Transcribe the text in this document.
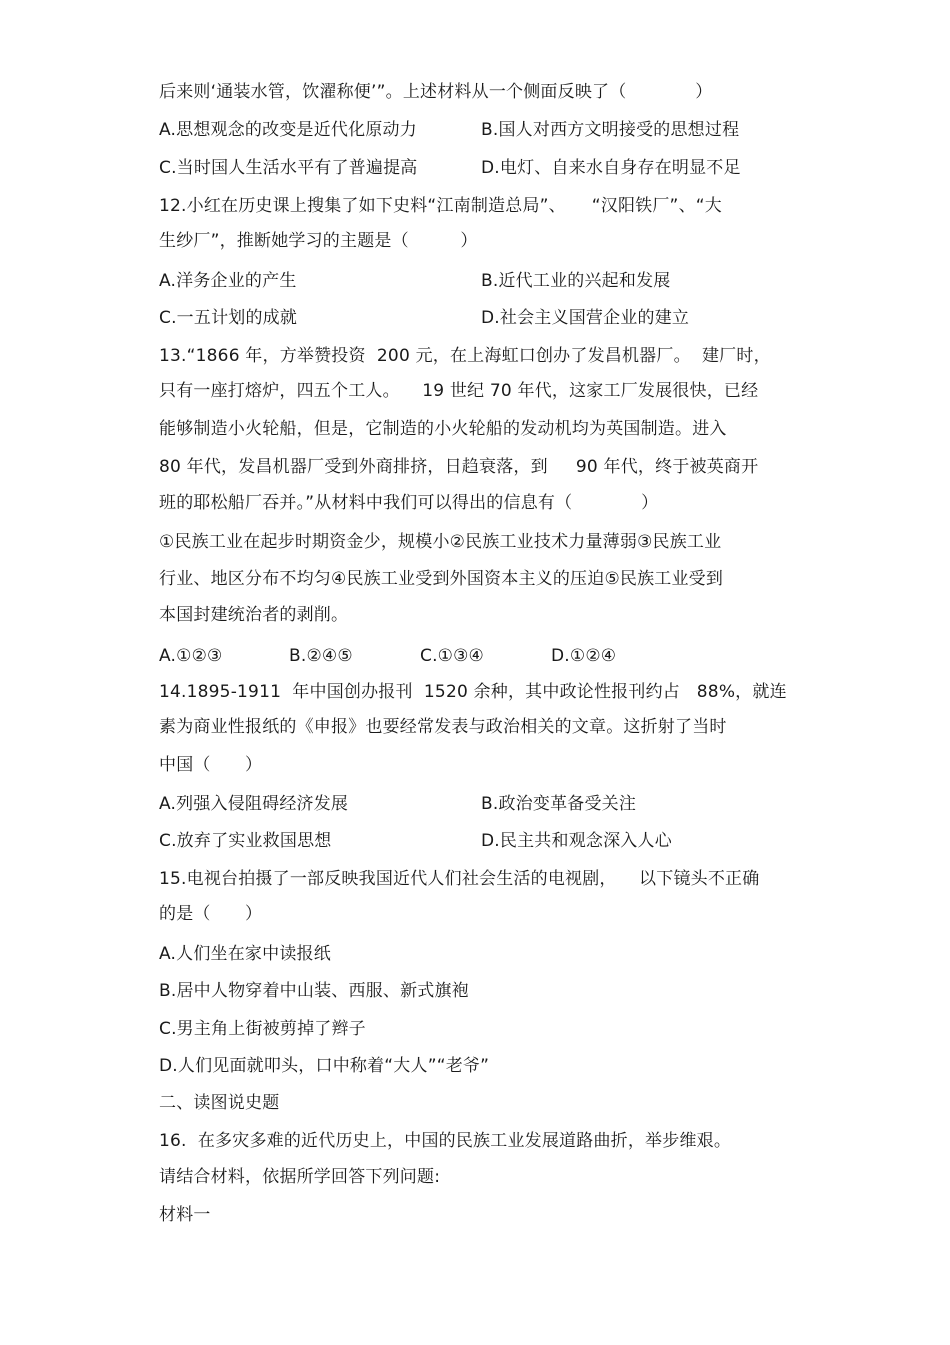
后来则‘通装水管，饮濯称便’”。上述材料从一个侧面反映了（　　　　）
A.思想观念的改变是近代化原动力	B.国人对西方文明接受的思想过程
C.当时国人生活水平有了普遍提高	D.电灯、自来水自身存在明显不足
12.小红在历史课上搜集了如下史料“江南制造总局”、　　“汉阳铁厂”、“大
生纱厂”，推断她学习的主题是（　　　）
A.洋务企业的产生	B.近代工业的兴起和发展
C.一五计划的成就	D.社会主义国营企业的建立
13.“1866 年，方举赞投资  200 元，在上海虹口创办了发昌机器厂。  建厂时，
只有一座打熔炉，四五个工人。    19 世纪 70 年代，这家工厂发展很快，已经
能够制造小火轮船，但是，它制造的小火轮船的发动机均为英国制造。进入
80 年代，发昌机器厂受到外商排挤，日趋衰落，到     90 年代，终于被英商开
班的耶松船厂吞并。”从材料中我们可以得出的信息有（　　　　）
①民族工业在起步时期资金少，规模小②民族工业技术力量薄弱③民族工业
行业、地区分布不均匀④民族工业受到外国资本主义的压迫⑤民族工业受到
本国封建统治者的剥削。
A.①②③	B.②④⑤	C.①③④	D.①②④
14.1895-1911  年中国创办报刊  1520 余种，其中政论性报刊约占   88%，就连
素为商业性报纸的《申报》也要经常发表与政治相关的文章。这折射了当时
中国（　　）
A.列强入侵阻碍经济发展	B.政治变革备受关注
C.放弃了实业救国思想	D.民主共和观念深入人心
15.电视台拍摄了一部反映我国近代人们社会生活的电视剧，    以下镜头不正确
的是（　　）
A.人们坐在家中读报纸
B.居中人物穿着中山装、西服、新式旗袍
C.男主角上街被剪掉了辫子
D.人们见面就叩头，口中称着“大人”“老爷”
二、读图说史题
16.  在多灾多难的近代历史上，中国的民族工业发展道路曲折，举步维艰。
请结合材料，依据所学回答下列问题:
材料一
